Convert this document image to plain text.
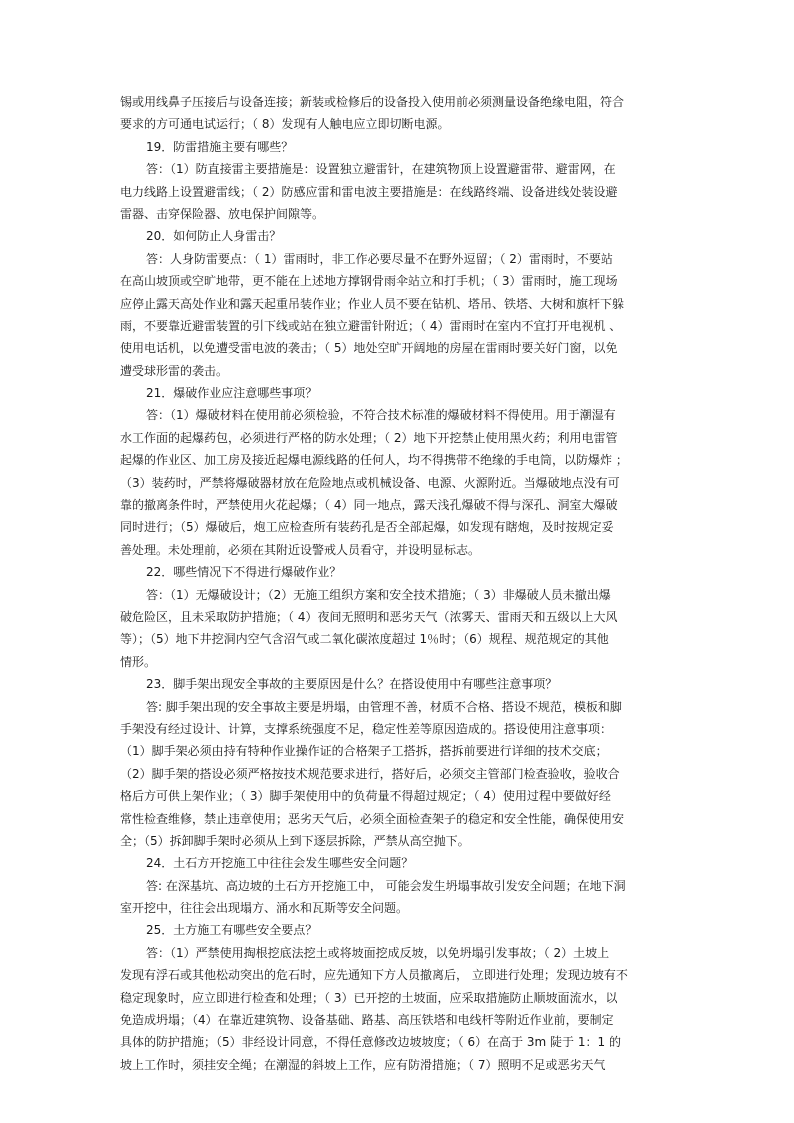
锡或用线鼻子压接后与设备连接；新装或检修后的设备投入使用前必须测量设备绝缘电阻，符合
要求的方可通电试运行；（ 8）发现有人触电应立即切断电源。
19．防雷措施主要有哪些？
答：（1）防直接雷主要措施是：设置独立避雷针，在建筑物顶上设置避雷带、避雷网，在
电力线路上设置避雷线；（ 2）防感应雷和雷电波主要措施是：在线路终端、设备进线处装设避
雷器、击穿保险器、放电保护间隙等。
20．如何防止人身雷击？
答：人身防雷要点：（ 1）雷雨时，非工作必要尽量不在野外逗留；（ 2）雷雨时，不要站
在高山坡顶或空旷地带，更不能在上述地方撑钢骨雨伞站立和打手机；（ 3）雷雨时，施工现场
应停止露天高处作业和露天起重吊装作业；作业人员不要在钻机、塔吊、铁塔、大树和旗杆下躲
雨，不要靠近避雷装置的引下线或站在独立避雷针附近；（ 4）雷雨时在室内不宜打开电视机 、
使用电话机，以免遭受雷电波的袭击；（ 5）地处空旷开阔地的房屋在雷雨时要关好门窗，以免
遭受球形雷的袭击。
21．爆破作业应注意哪些事项？
答：（1）爆破材料在使用前必须检验，不符合技术标准的爆破材料不得使用。用于潮湿有
水工作面的起爆药包，必须进行严格的防水处理；（ 2）地下开挖禁止使用黑火药；利用电雷管
起爆的作业区、加工房及接近起爆电源线路的任何人，均不得携带不绝缘的手电筒，以防爆炸 ；
（3）装药时，严禁将爆破器材放在危险地点或机械设备、电源、火源附近。当爆破地点没有可
靠的撤离条件时，严禁使用火花起爆；（ 4）同一地点，露天浅孔爆破不得与深孔、洞室大爆破
同时进行；（5）爆破后，炮工应检查所有装药孔是否全部起爆，如发现有瞎炮，及时按规定妥
善处理。未处理前，必须在其附近设警戒人员看守，并设明显标志。
22．哪些情况下不得进行爆破作业？
答：（1）无爆破设计；（2）无施工组织方案和安全技术措施；（ 3）非爆破人员未撤出爆
破危险区，且未采取防护措施；（ 4）夜间无照明和恶劣天气（浓雾天、雷雨天和五级以上大风
等）；（5）地下井挖洞内空气含沼气或二氧化碳浓度超过 1％时；（6）规程、规范规定的其他
情形。
23．脚手架出现安全事故的主要原因是什么？在搭设使用中有哪些注意事项？
答: 脚手架出现的安全事故主要是坍塌，由管理不善，材质不合格、搭设不规范，模板和脚
手架没有经过设计、计算，支撑系统强度不足，稳定性差等原因造成的。搭设使用注意事项：
（1）脚手架必须由持有特种作业操作证的合格架子工搭拆，搭拆前要进行详细的技术交底；
（2）脚手架的搭设必须严格按技术规范要求进行，搭好后，必须交主管部门检查验收，验收合
格后方可供上架作业；（ 3）脚手架使用中的负荷量不得超过规定；（ 4）使用过程中要做好经
常性检查维修，禁止违章使用；恶劣天气后，必须全面检查架子的稳定和安全性能，确保使用安
全；（5）拆卸脚手架时必须从上到下逐层拆除，严禁从高空抛下。
24．土石方开挖施工中往往会发生哪些安全问题？
答: 在深基坑、高边坡的土石方开挖施工中， 可能会发生坍塌事故引发安全问题；在地下洞
室开挖中，往往会出现塌方、涌水和瓦斯等安全问题。
25．土方施工有哪些安全要点？
答：（1）严禁使用掏根挖底法挖土或将坡面挖成反坡，以免坍塌引发事故；（ 2）土坡上
发现有浮石或其他松动突出的危石时，应先通知下方人员撤离后， 立即进行处理；发现边坡有不
稳定现象时，应立即进行检查和处理；（ 3）已开挖的土坡面，应采取措施防止顺坡面流水，以
免造成坍塌；（4）在靠近建筑物、设备基础、路基、高压铁塔和电线杆等附近作业前，要制定
具体的防护措施；（5）非经设计同意，不得任意修改边坡坡度；（ 6）在高于 3m 陡于 1：1 的
坡上工作时，须挂安全绳；在潮湿的斜坡上工作，应有防滑措施；（ 7）照明不足或恶劣天气
